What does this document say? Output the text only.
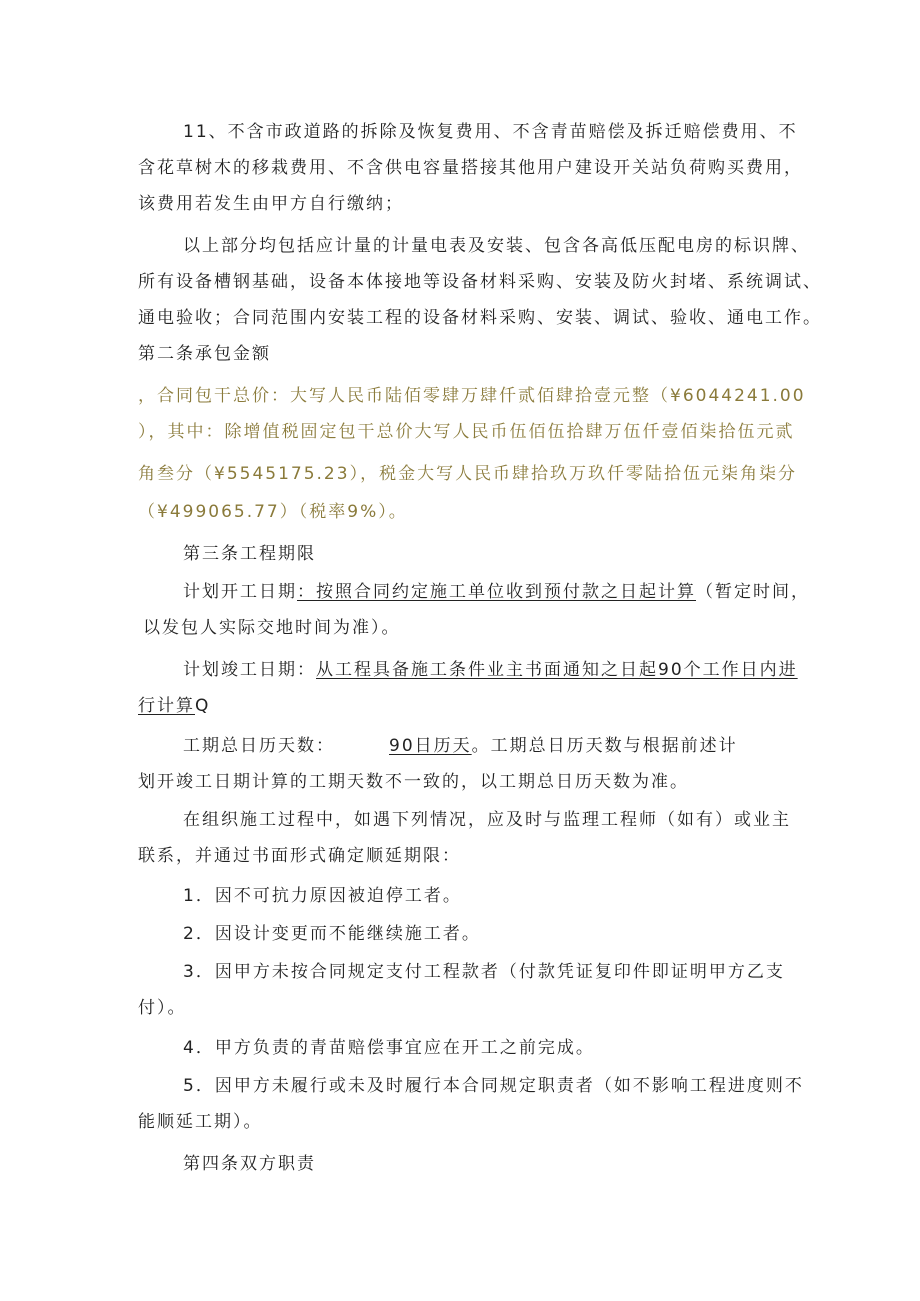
11、不含市政道路的拆除及恢复费用、不含青苗赔偿及拆迁赔偿费用、不
含花草树木的移栽费用、不含供电容量搭接其他用户建设开关站负荷购买费用，
该费用若发生由甲方自行缴纳；
以上部分均包括应计量的计量电表及安装、包含各高低压配电房的标识牌、
所有设备槽钢基础，设备本体接地等设备材料采购、安装及防火封堵、系统调试、
通电验收；合同范围内安装工程的设备材料采购、安装、调试、验收、通电工作。
第二条承包金额
，合同包干总价：大写人民币陆佰零肆万肆仟贰佰肆拾壹元整（¥6044241.00
），其中：除增值税固定包干总价大写人民币伍佰伍拾肆万伍仟壹佰柒拾伍元贰
角叁分（¥5545175.23），税金大写人民币肆拾玖万玖仟零陆拾伍元柒角柒分
（¥499065.77）（税率9%）。
第三条工程期限
计划开工日期：按照合同约定施工单位收到预付款之日起计算（暂定时间，
以发包人实际交地时间为准）。
计划竣工日期：从工程具备施工条件业主书面通知之日起90个工作日内进
行计算Q
工期总日历天数：	90日历天。工期总日历天数与根据前述计
划开竣工日期计算的工期天数不一致的，以工期总日历天数为准。
在组织施工过程中，如遇下列情况，应及时与监理工程师（如有）或业主
联系，并通过书面形式确定顺延期限：
1．因不可抗力原因被迫停工者。
2．因设计变更而不能继续施工者。
3．因甲方未按合同规定支付工程款者（付款凭证复印件即证明甲方乙支
付）。
4．甲方负责的青苗赔偿事宜应在开工之前完成。
5．因甲方未履行或未及时履行本合同规定职责者（如不影响工程进度则不
能顺延工期）。
第四条双方职责
